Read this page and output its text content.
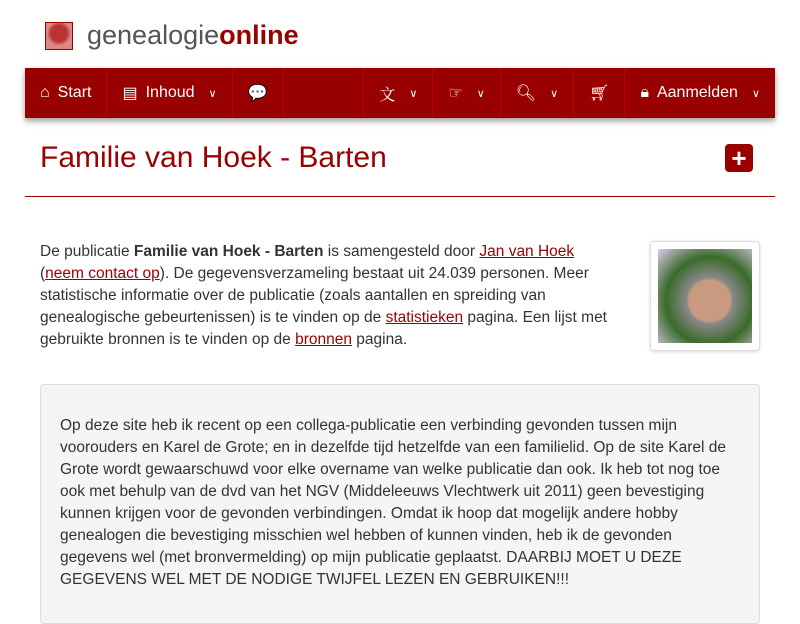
genealogieonline
⌂ Start ▤ Inhoud ∨ 💬	文 ∨ ☞ ∨ 🔍︎ ∨ 🛒︎ 🔒︎ Aanmelden ∨
Familie van Hoek - Barten	+
De publicatie Familie van Hoek - Barten is samengesteld door Jan van Hoek (neem contact op). De gegevensverzameling bestaat uit 24.039 personen. Meer statistische informatie over de publicatie (zoals aantallen en spreiding van genealogische gebeurtenissen) is te vinden op de statistieken pagina. Een lijst met gebruikte bronnen is te vinden op de bronnen pagina.

Op deze site heb ik recent op een collega-publicatie een verbinding gevonden tussen mijn voorouders en Karel de Grote; en in dezelfde tijd hetzelfde van een familielid. Op de site Karel de Grote wordt gewaarschuwd voor elke overname van welke publicatie dan ook. Ik heb tot nog toe ook met behulp van de dvd van het NGV (Middeleeuws Vlechtwerk uit 2011) geen bevestiging kunnen krijgen voor de gevonden verbindingen. Omdat ik hoop dat mogelijk andere hobby genealogen die bevestiging misschien wel hebben of kunnen vinden, heb ik de gevonden gegevens wel (met bronvermelding) op mijn publicatie geplaatst. DAARBIJ MOET U DEZE GEGEVENS WEL MET DE NODIGE TWIJFEL LEZEN EN GEBRUIKEN!!!
